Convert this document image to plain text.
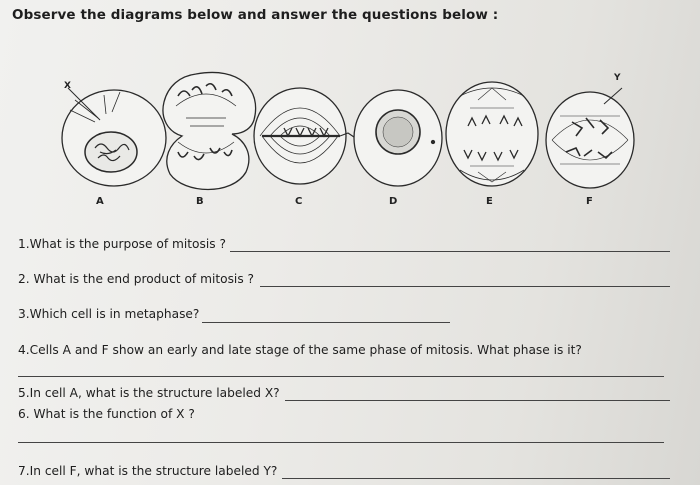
Observe the diagrams below and answer the questions below :
X
Y
A	B	C	D	E	F
1.What is the purpose of mitosis ?
2. What is the end product of mitosis ?
3.Which cell is in metaphase?
4.Cells A and F show an early and late stage of the same phase of mitosis. What phase is it?
5.In cell A, what is the structure labeled X?
6. What is the function of X ?
7.In cell F, what is the structure labeled Y?
